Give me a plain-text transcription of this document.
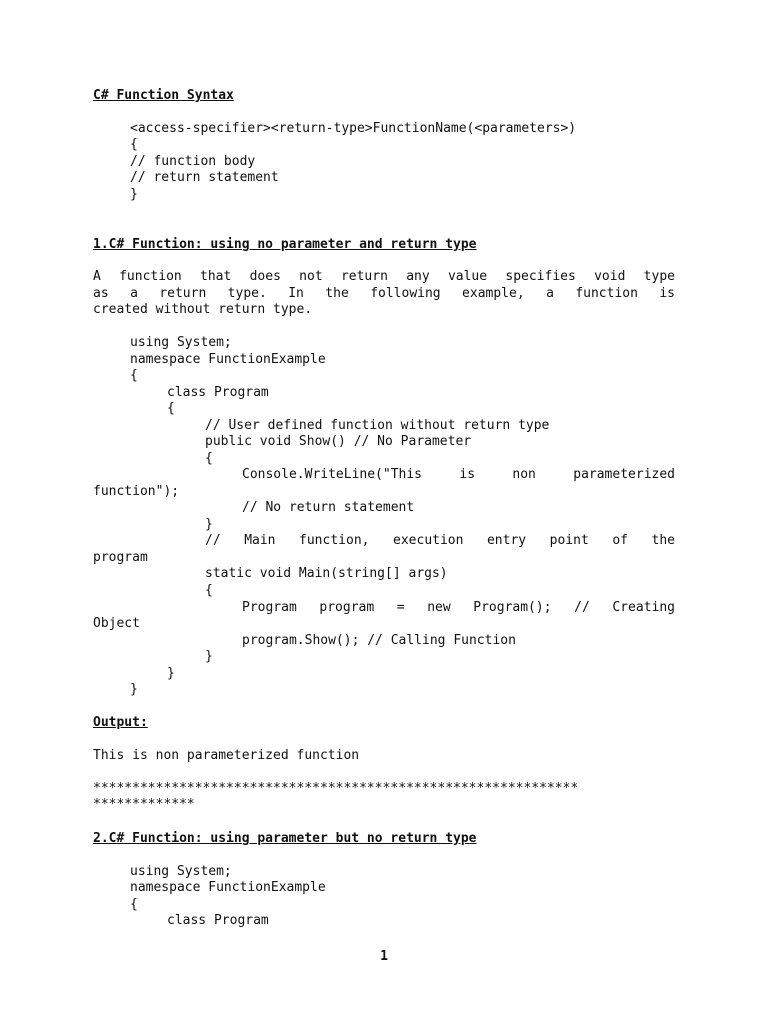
C# Function Syntax
<access-specifier><return-type>FunctionName(<parameters>)
{
// function body
// return statement
}
1.C# Function: using no parameter and return type
A function that does not return any value specifies void type
as a return type. In the following example, a function is
created without return type.
using System;
namespace FunctionExample
{
class Program
{
// User defined function without return type
public void Show() // No Parameter
{
Console.WriteLine("This is non parameterized
function");
// No return statement
}
// Main function, execution entry point of the
program
static void Main(string[] args)
{
Program program = new Program(); // Creating
Object
program.Show(); // Calling Function
}
}
}
Output:
This is non parameterized function
**************************************************************
*************
2.C# Function: using parameter but no return type
using System;
namespace FunctionExample
{
class Program
1
